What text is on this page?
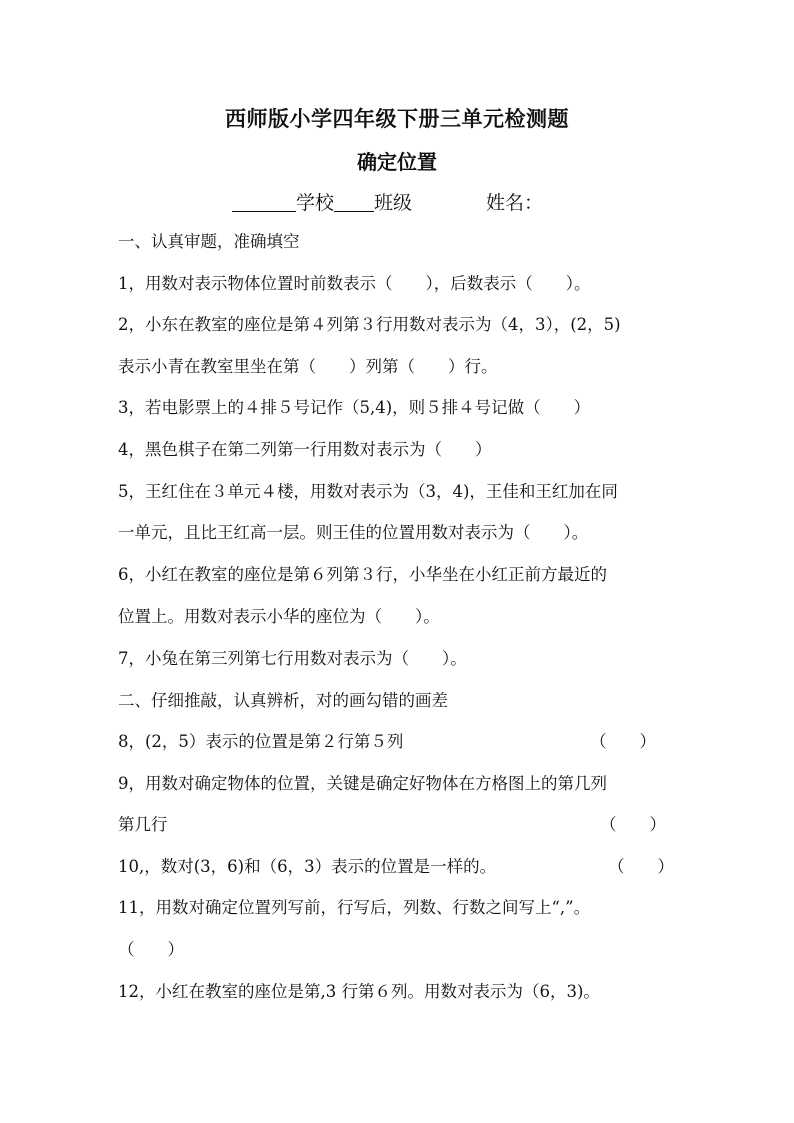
西师版小学四年级下册三单元检测题
确定位置
学校 班级	姓名：
一、认真审题，准确填空
1，用数对表示物体位置时前数表示（　　），后数表示（　　）。
2，小东在教室的座位是第４列第３行用数对表示为（4，3），(2，5)
表示小青在教室里坐在第（　　）列第（　　）行。
3，若电影票上的４排５号记作（5,4)，则５排４号记做（　　）
4，黑色棋子在第二列第一行用数对表示为（　　）
5，王红住在３单元４楼，用数对表示为（3，4)，王佳和王红加在同
一单元，且比王红高一层。则王佳的位置用数对表示为（　　）。
6，小红在教室的座位是第６列第３行，小华坐在小红正前方最近的
位置上。用数对表示小华的座位为（　　）。
7，小兔在第三列第七行用数对表示为（　　）。
二、仔细推敲，认真辨析，对的画勾错的画差
8，(2，5）表示的位置是第２行第５列	（　　）
9，用数对确定物体的位置，关键是确定好物体在方格图上的第几列
第几行	（　　）
10,，数对(3，6)和（6，3）表示的位置是一样的。	（　　）
11，用数对确定位置列写前，行写后，列数、行数之间写上“,”。
（　　）
12，小红在教室的座位是第,3 行第６列。用数对表示为（6，3)。
